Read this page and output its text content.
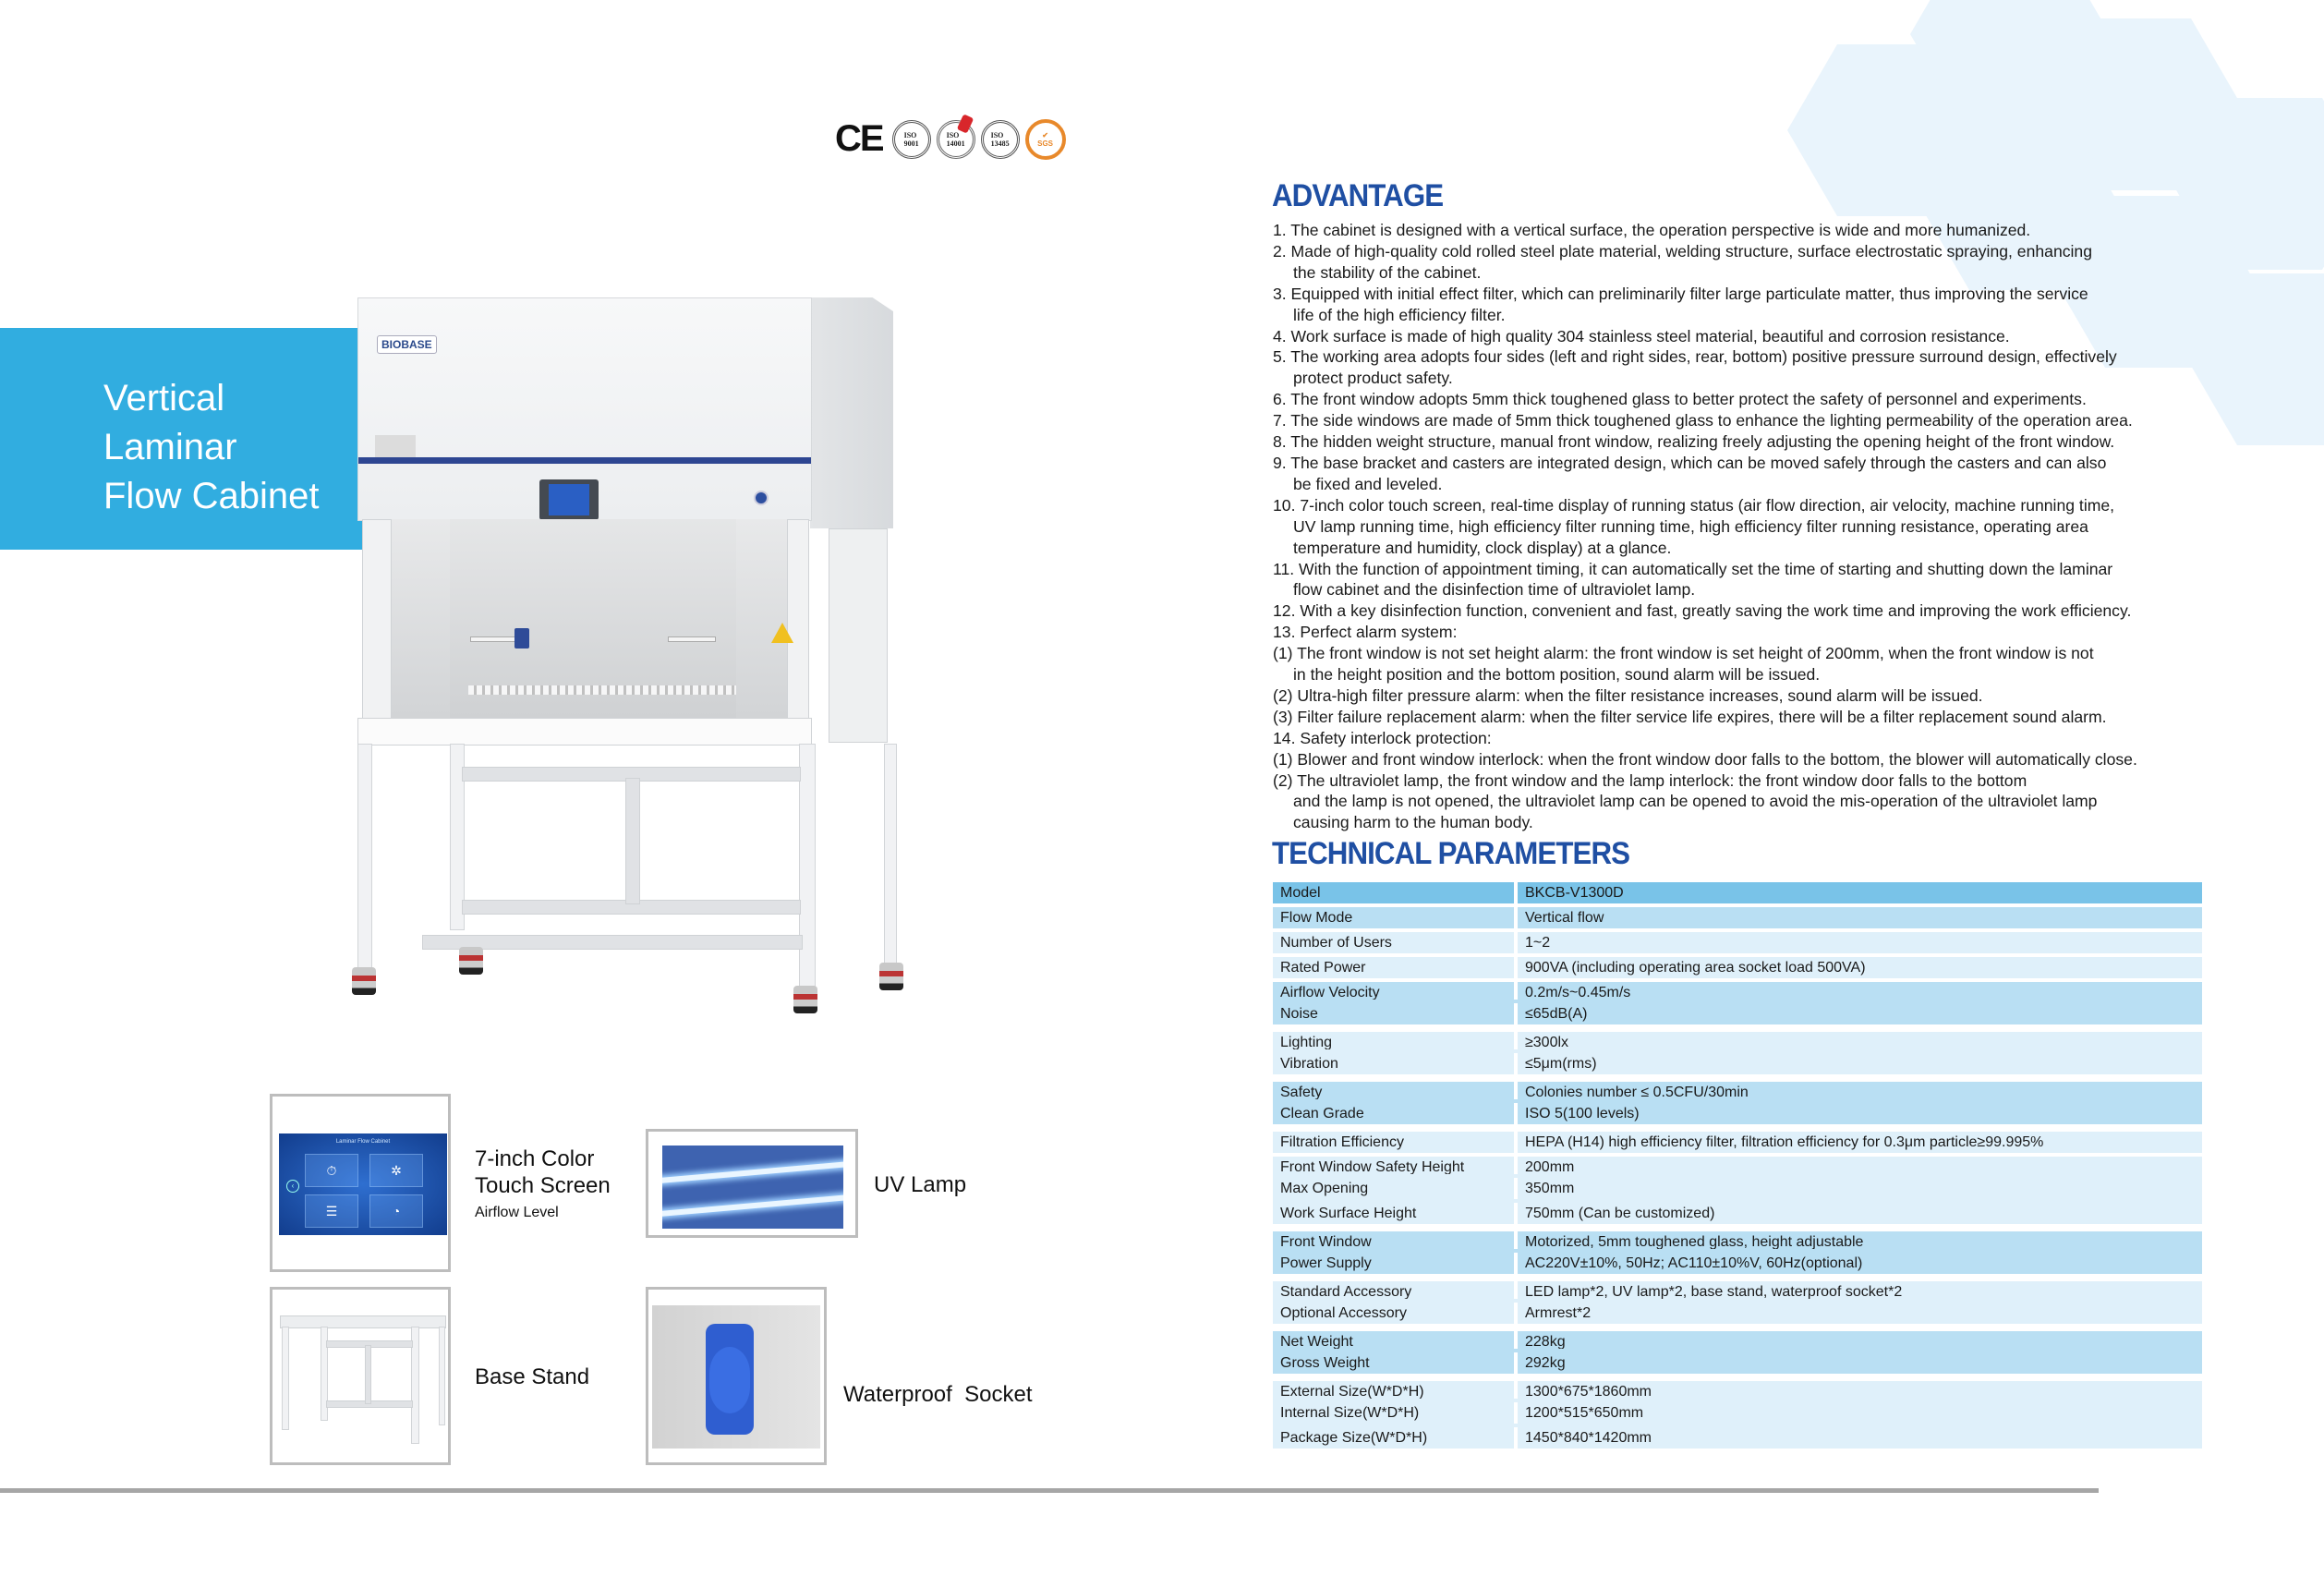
CE	ISO
9001
ISO
14001
ISO
13485
✔

SGS
Vertical
Laminar
Flow Cabinet
BIOBASE
Laminar Flow Cabinet
‹
⏱	✲
☰	◔
7-inch Color
Touch Screen
Airflow Level
UV Lamp
Base Stand
Waterproof  Socket
ADVANTAGE
1. The cabinet is designed with a vertical surface, the operation perspective is wide and more humanized.
2. Made of high-quality cold rolled steel plate material, welding structure, surface electrostatic spraying, enhancing
the stability of the cabinet.
3. Equipped with initial effect filter, which can preliminarily filter large particulate matter, thus improving the service
life of the high efficiency filter.
4. Work surface is made of high quality 304 stainless steel material, beautiful and corrosion resistance.
5. The working area adopts four sides (left and right sides, rear, bottom) positive pressure surround design, effectively
protect product safety.
6. The front window adopts 5mm thick toughened glass to better protect the safety of personnel and experiments.
7. The side windows are made of 5mm thick toughened glass to enhance the lighting permeability of the operation area.
8. The hidden weight structure, manual front window, realizing freely adjusting the opening height of the front window.
9. The base bracket and casters are integrated design, which can be moved safely through the casters and can also
be fixed and leveled.
10. 7-inch color touch screen, real-time display of running status (air flow direction, air velocity, machine running time,
UV lamp running time, high efficiency filter running time, high efficiency filter running resistance, operating area
temperature and humidity, clock display) at a glance.
11. With the function of appointment timing, it can automatically set the time of starting and shutting down the laminar
flow cabinet and the disinfection time of ultraviolet lamp.
12. With a key disinfection function, convenient and fast, greatly saving the work time and improving the work efficiency.
13. Perfect alarm system:
(1) The front window is not set height alarm: the front window is set height of 200mm, when the front window is not
in the height position and the bottom position, sound alarm will be issued.
(2) Ultra-high filter pressure alarm: when the filter resistance increases, sound alarm will be issued.
(3) Filter failure replacement alarm: when the filter service life expires, there will be a filter replacement sound alarm.
14. Safety interlock protection:
(1) Blower and front window interlock: when the front window door falls to the bottom, the blower will automatically close.
(2) The ultraviolet lamp, the front window and the lamp interlock: the front window door falls to the bottom
and the lamp is not opened, the ultraviolet lamp can be opened to avoid the mis-operation of the ultraviolet lamp
causing harm to the human body.
TECHNICAL PARAMETERS
Model	BKCB-V1300D
Flow Mode	Vertical flow
Number of Users	1~2
Rated Power	900VA (including operating area socket load 500VA)
Airflow Velocity	0.2m/s~0.45m/s
Noise	≤65dB(A)
Lighting	≥300lx
Vibration	≤5μm(rms)
Safety	Colonies number ≤ 0.5CFU/30min
Clean Grade	ISO 5(100 levels)
Filtration Efficiency	HEPA (H14) high efficiency filter, filtration efficiency for 0.3μm particle≥99.995%
Front Window Safety Height	200mm
Max Opening	350mm
Work Surface Height	750mm (Can be customized)
Front Window	Motorized, 5mm toughened glass, height adjustable
Power Supply	AC220V±10%, 50Hz; AC110±10%V, 60Hz(optional)
Standard Accessory	LED lamp*2, UV lamp*2, base stand, waterproof socket*2
Optional Accessory	Armrest*2
Net Weight	228kg
Gross Weight	292kg
External Size(W*D*H)	1300*675*1860mm
Internal Size(W*D*H)	1200*515*650mm
Package Size(W*D*H)	1450*840*1420mm
